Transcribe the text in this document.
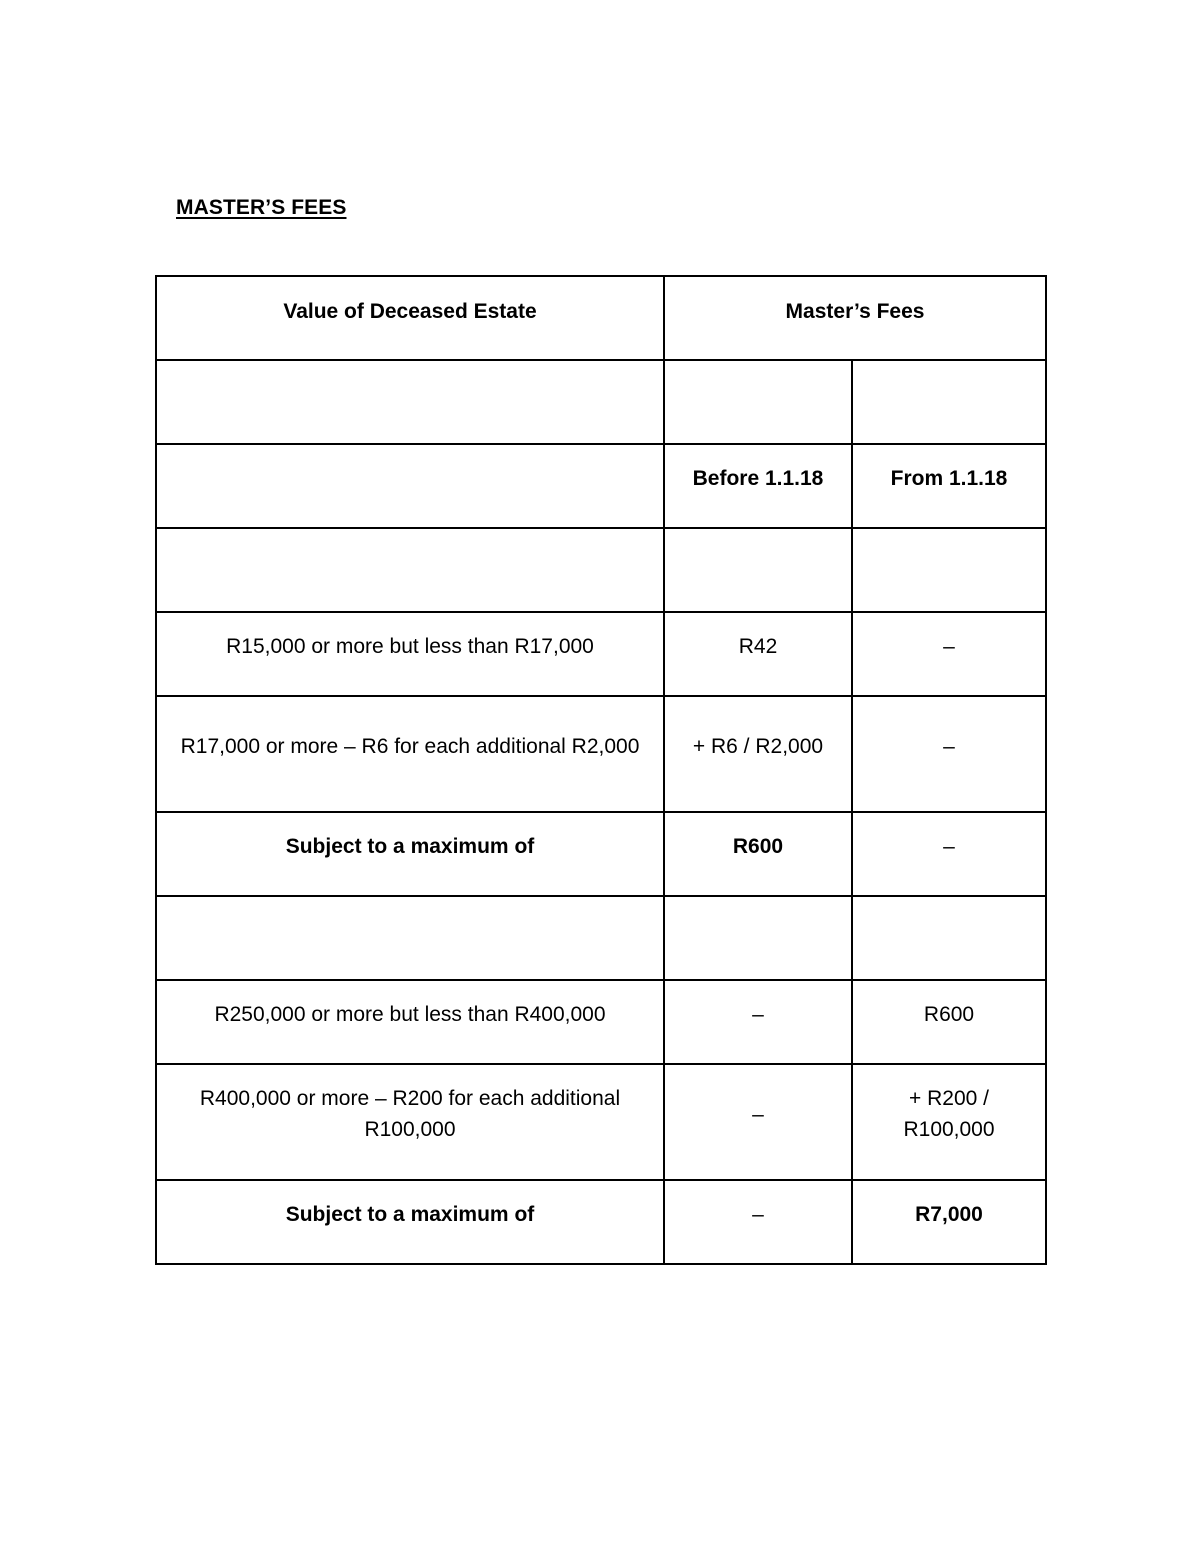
MASTER’S FEES
Value of Deceased Estate	Master’s Fees	

	Before 1.1.18	From 1.1.18

R15,000 or more but less than R17,000	R42	–
R17,000 or more – R6 for each additional R2,000	+ R6 / R2,000	–
Subject to a maximum of	R600	–

R250,000 or more but less than R400,000	–	R600
R400,000 or more – R200 for each additional R100,000	–	+ R200 / R100,000
Subject to a maximum of	–	R7,000
